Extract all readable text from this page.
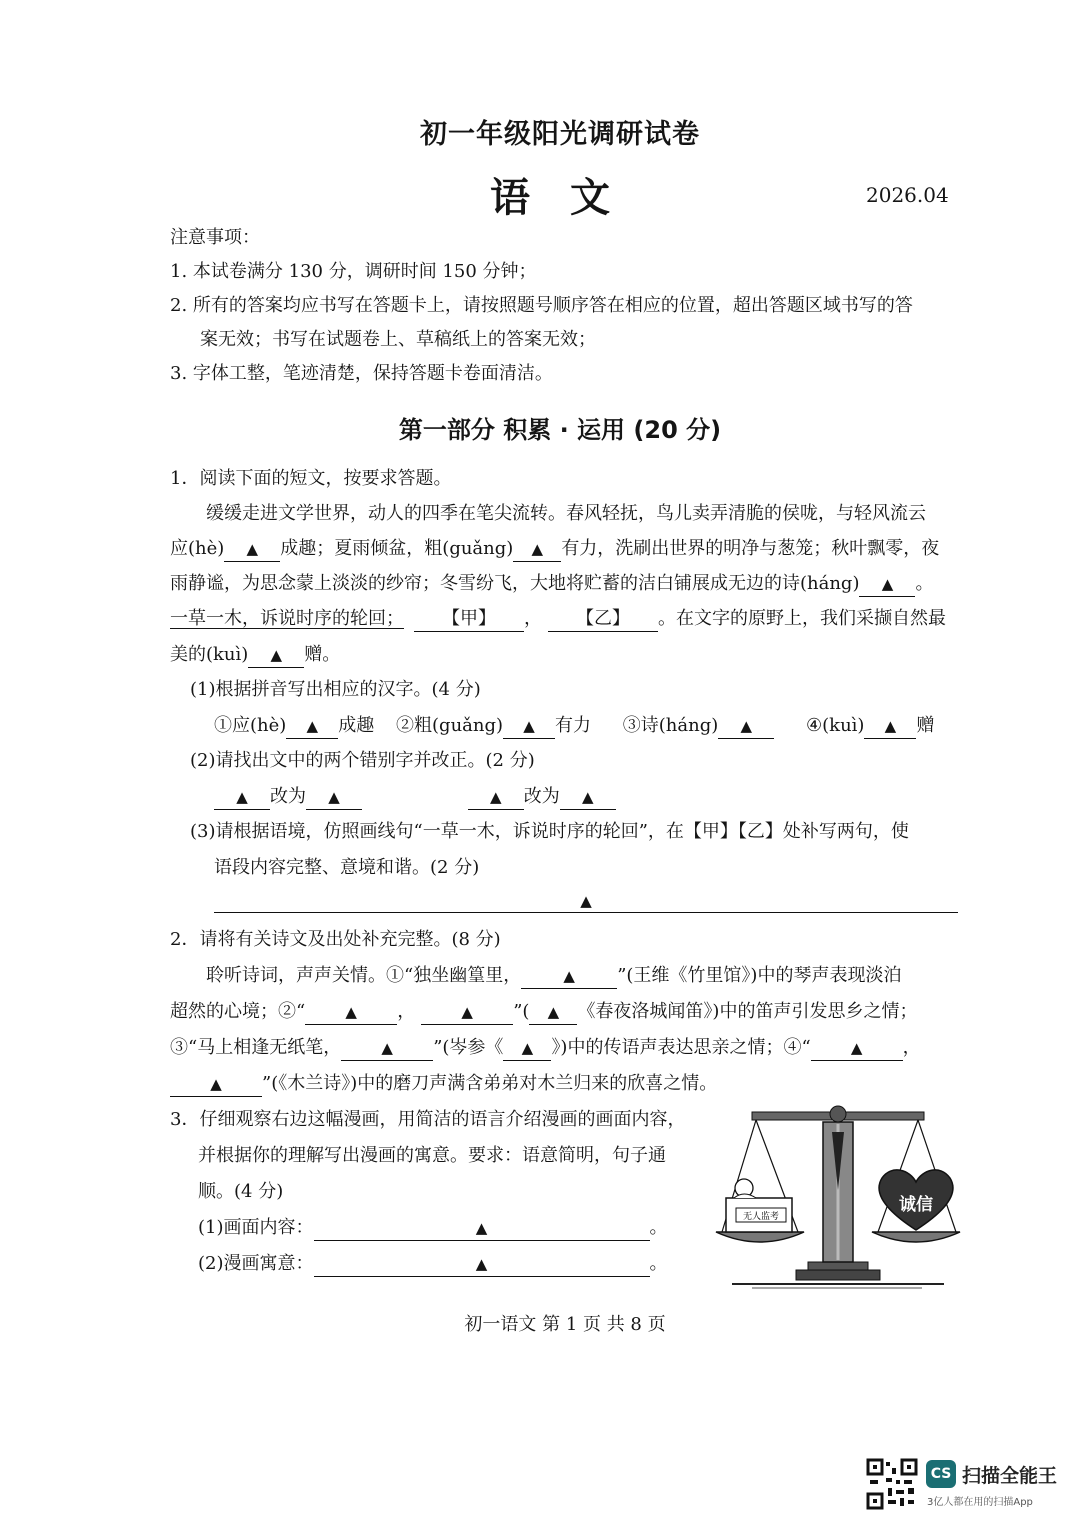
初一年级阳光调研试卷
语　文	2026.04
注意事项：
1. 本试卷满分 130 分，调研时间 150 分钟；
2. 所有的答案均应书写在答题卡上，请按照题号顺序答在相应的位置，超出答题区域书写的答
案无效；书写在试题卷上、草稿纸上的答案无效；
3. 字体工整，笔迹清楚，保持答题卡卷面清洁。
第一部分 积累 · 运用 (20 分)
1．阅读下面的短文，按要求答题。
缓缓走进文学世界，动人的四季在笔尖流转。春风轻抚，鸟儿卖弄清脆的侯咙，与轻风流云
应(hè) ▲ 成趣；夏雨倾盆，粗(guǎng) ▲ 有力，洗刷出世界的明净与葱笼；秋叶飘零，夜
雨静谧，为思念蒙上淡淡的纱帘；冬雪纷飞，大地将贮蓄的洁白铺展成无边的诗(háng) ▲ 。
一草一木，诉说时序的轮回； 【甲】 ， 【乙】 。在文字的原野上，我们采撷自然最
美的(kuì) ▲ 赠。
(1)根据拼音写出相应的汉字。(4 分)
①应(hè) ▲ 成趣 ②粗(guǎng) ▲ 有力 ③诗(háng) ▲	④(kuì) ▲ 赠
(2)请找出文中的两个错别字并改正。(2 分)
▲ 改为 ▲	▲ 改为 ▲
(3)请根据语境，仿照画线句“一草一木，诉说时序的轮回”，在【甲】【乙】处补写两句，使
语段内容完整、意境和谐。(2 分)
▲
2．请将有关诗文及出处补充完整。(8 分)
聆听诗词，声声关情。①“独坐幽篁里，	▲ ”(王维《竹里馆》)中的琴声表现淡泊
超然的心境；②“	▲ ，	▲ ”( ▲ 《春夜洛城闻笛》)中的笛声引发思乡之情；
③“马上相逢无纸笔，	▲ ”(岑参《 ▲ 》)中的传语声表达思亲之情；④“	▲ ，
▲ ”(《木兰诗》)中的磨刀声满含弟弟对木兰归来的欣喜之情。
3．仔细观察右边这幅漫画，用简洁的语言介绍漫画的画面内容，
并根据你的理解写出漫画的寓意。要求：语意简明，句子通
顺。(4 分)
(1)画面内容：	▲	。
(2)漫画寓意：	▲	。
无人监考
诚信
初一语文 第 1 页 共 8 页
CS 扫描全能王
3亿人都在用的扫描App
